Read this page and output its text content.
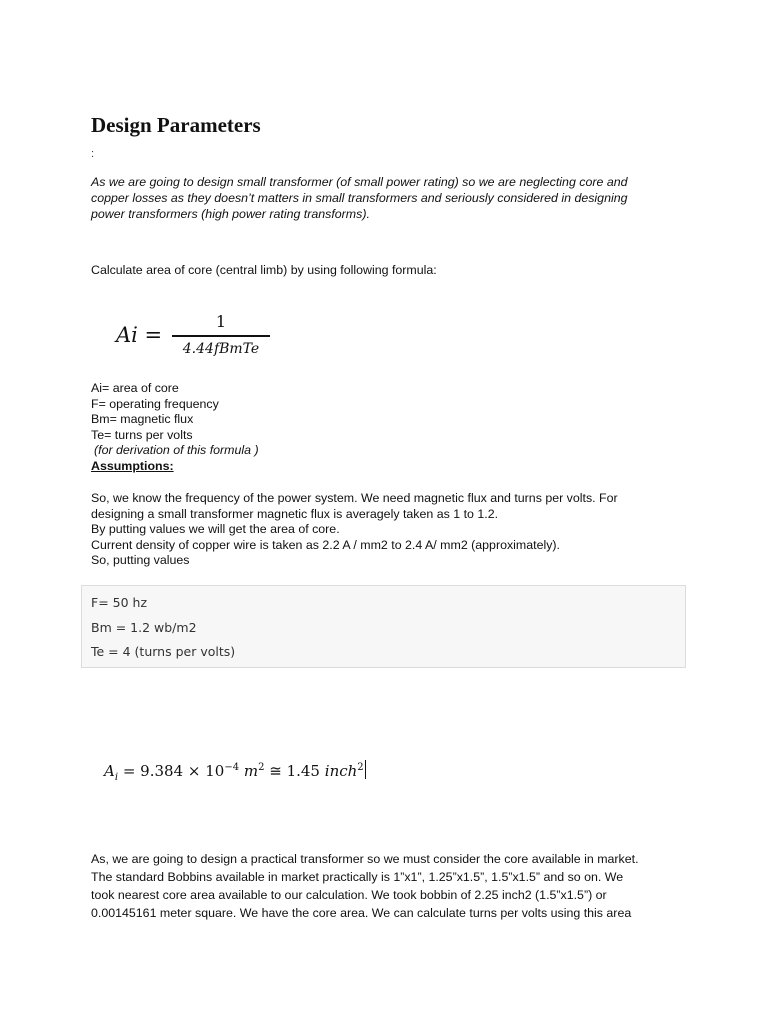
Design Parameters
:

As we are going to design small transformer (of small power rating) so we are neglecting core and
copper losses as they doesn’t matters in small transformers and seriously considered in designing
power transformers (high power rating transforms).

Calculate area of core (central limb) by using following formula:

Ai =
1
4.44fBmTe
Ai= area of core
F= operating frequency
Bm= magnetic flux
Te= turns per volts
(for derivation of this formula )
Assumptions:

So, we know the frequency of the power system. We need magnetic flux and turns per volts. For
designing a small transformer magnetic flux is averagely taken as 1 to 1.2.
By putting values we will get the area of core.
Current density of copper wire is taken as 2.2 A / mm2 to 2.4 A/ mm2 (approximately).
So, putting values

F= 50 hz
Bm = 1.2 wb/m2
Te = 4 (turns per volts)
$A_i = 9.384 \times 10^{-4}$ $m^2$ ≅ 1.45 inch$^2$

As, we are going to design a practical transformer so we must consider the core available in market.
The standard Bobbins available in market practically is 1”x1”, 1.25”x1.5”, 1.5”x1.5” and so on. We
took nearest core area available to our calculation. We took bobbin of 2.25 inch2 (1.5”x1.5”) or
0.00145161 meter square. We have the core area. We can calculate turns per volts using this area
